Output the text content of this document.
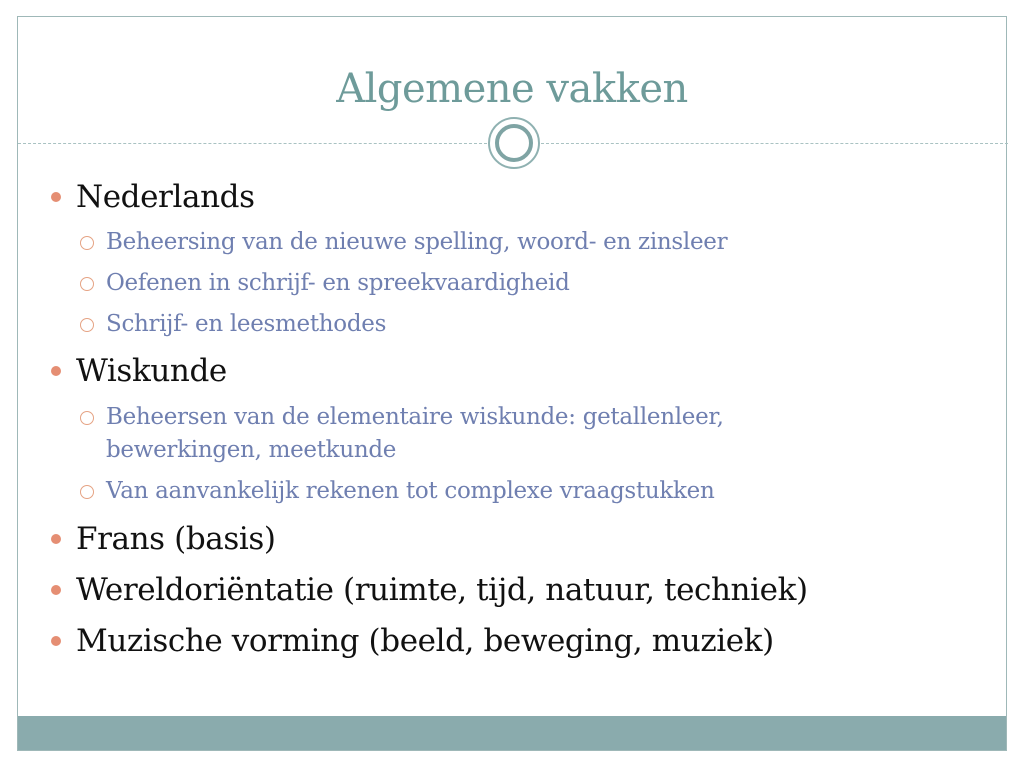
Algemene vakken
Nederlands
Beheersing van de nieuwe spelling, woord- en zinsleer
Oefenen in schrijf- en spreekvaardigheid
Schrijf- en leesmethodes
Wiskunde
Beheersen van de elementaire wiskunde: getallenleer, bewerkingen, meetkunde
Van aanvankelijk rekenen tot complexe vraagstukken
Frans (basis)
Wereldoriëntatie (ruimte, tijd, natuur, techniek)
Muzische vorming (beeld, beweging, muziek)
